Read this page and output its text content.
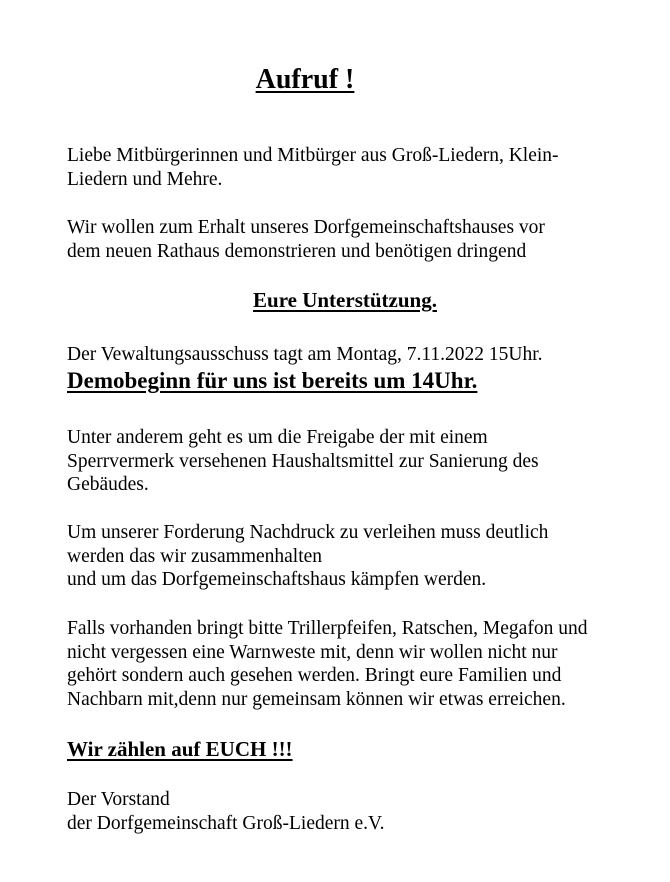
Aufruf !
Liebe Mitbürgerinnen und Mitbürger aus Groß-Liedern, Klein-
Liedern und Mehre.
Wir wollen zum Erhalt unseres Dorfgemeinschaftshauses vor
dem neuen Rathaus demonstrieren und benötigen dringend
Eure Unterstützung.
Der Vewaltungsausschuss tagt am Montag, 7.11.2022 15Uhr.
Demobeginn für uns ist bereits um 14Uhr.
Unter anderem geht es um die Freigabe der mit einem
Sperrvermerk versehenen Haushaltsmittel zur Sanierung des
Gebäudes.
Um unserer Forderung Nachdruck zu verleihen muss deutlich
werden das wir zusammenhalten
und um das Dorfgemeinschaftshaus kämpfen werden.
Falls vorhanden bringt bitte Trillerpfeifen, Ratschen, Megafon und
nicht vergessen eine Warnweste mit, denn wir wollen nicht nur
gehört sondern auch gesehen werden. Bringt eure Familien und
Nachbarn mit,denn nur gemeinsam können wir etwas erreichen.
Wir zählen auf EUCH !!!
Der Vorstand
der Dorfgemeinschaft Groß-Liedern e.V.
